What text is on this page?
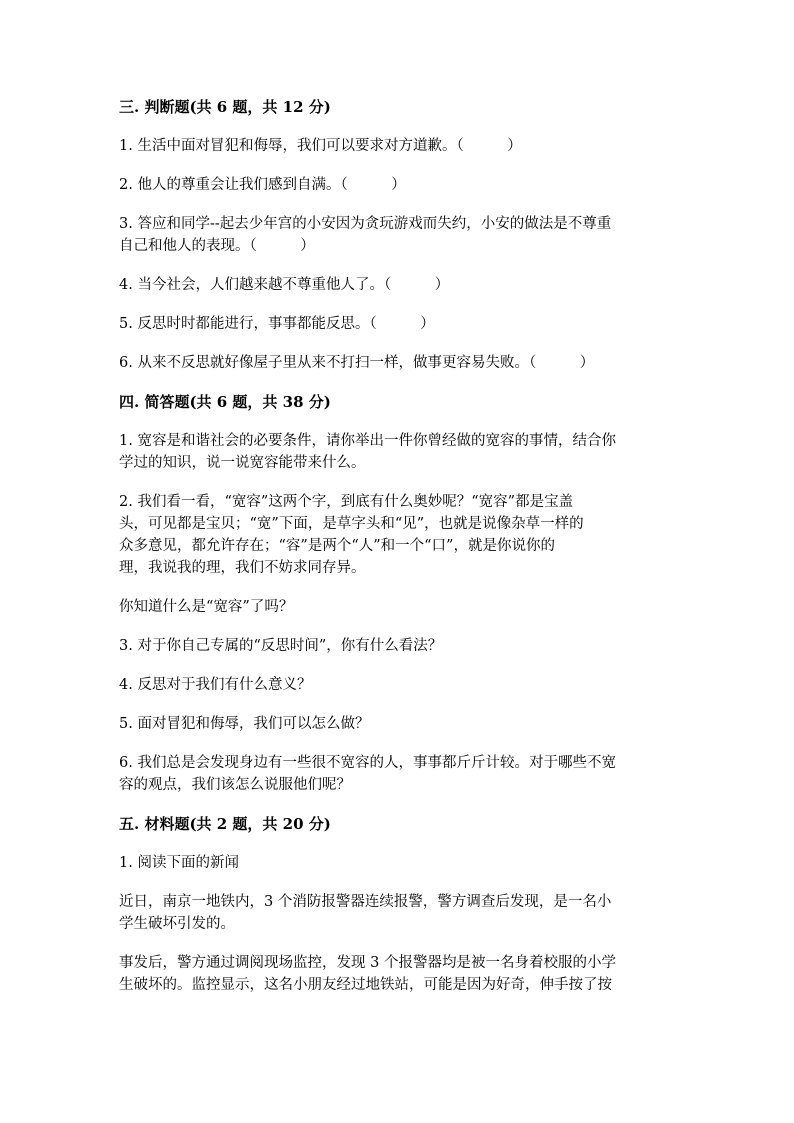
三. 判断题(共 6 题，共 12 分)
1. 生活中面对冒犯和侮辱，我们可以要求对方道歉。（　　　）
2. 他人的尊重会让我们感到自满。（　　　）
3. 答应和同学--起去少年宫的小安因为贪玩游戏而失约，小安的做法是不尊重
自己和他人的表现。（　　　）
4. 当今社会，人们越来越不尊重他人了。（　　　）
5. 反思时时都能进行，事事都能反思。（　　　）
6. 从来不反思就好像屋子里从来不打扫一样，做事更容易失败。（　　　）
四. 简答题(共 6 题，共 38 分)
1. 宽容是和谐社会的必要条件，请你举出一件你曾经做的宽容的事情，结合你
学过的知识，说一说宽容能带来什么。
2. 我们看一看，“宽容”这两个字，到底有什么奥妙呢？“宽容”都是宝盖
头，可见都是宝贝；“宽”下面，是草字头和“见”，也就是说像杂草一样的
众多意见，都允许存在；“容”是两个“人”和一个“口”，就是你说你的
理，我说我的理，我们不妨求同存异。
你知道什么是“宽容”了吗？
3. 对于你自己专属的“反思时间”，你有什么看法？
4. 反思对于我们有什么意义？
5. 面对冒犯和侮辱，我们可以怎么做？
6. 我们总是会发现身边有一些很不宽容的人，事事都斤斤计较。对于哪些不宽
容的观点，我们该怎么说服他们呢？
五. 材料题(共 2 题，共 20 分)
1. 阅读下面的新闻
近日，南京一地铁内，3 个消防报警器连续报警，警方调查后发现，是一名小
学生破坏引发的。
事发后，警方通过调阅现场监控，发现 3 个报警器均是被一名身着校服的小学
生破坏的。监控显示，这名小朋友经过地铁站，可能是因为好奇，伸手按了按
